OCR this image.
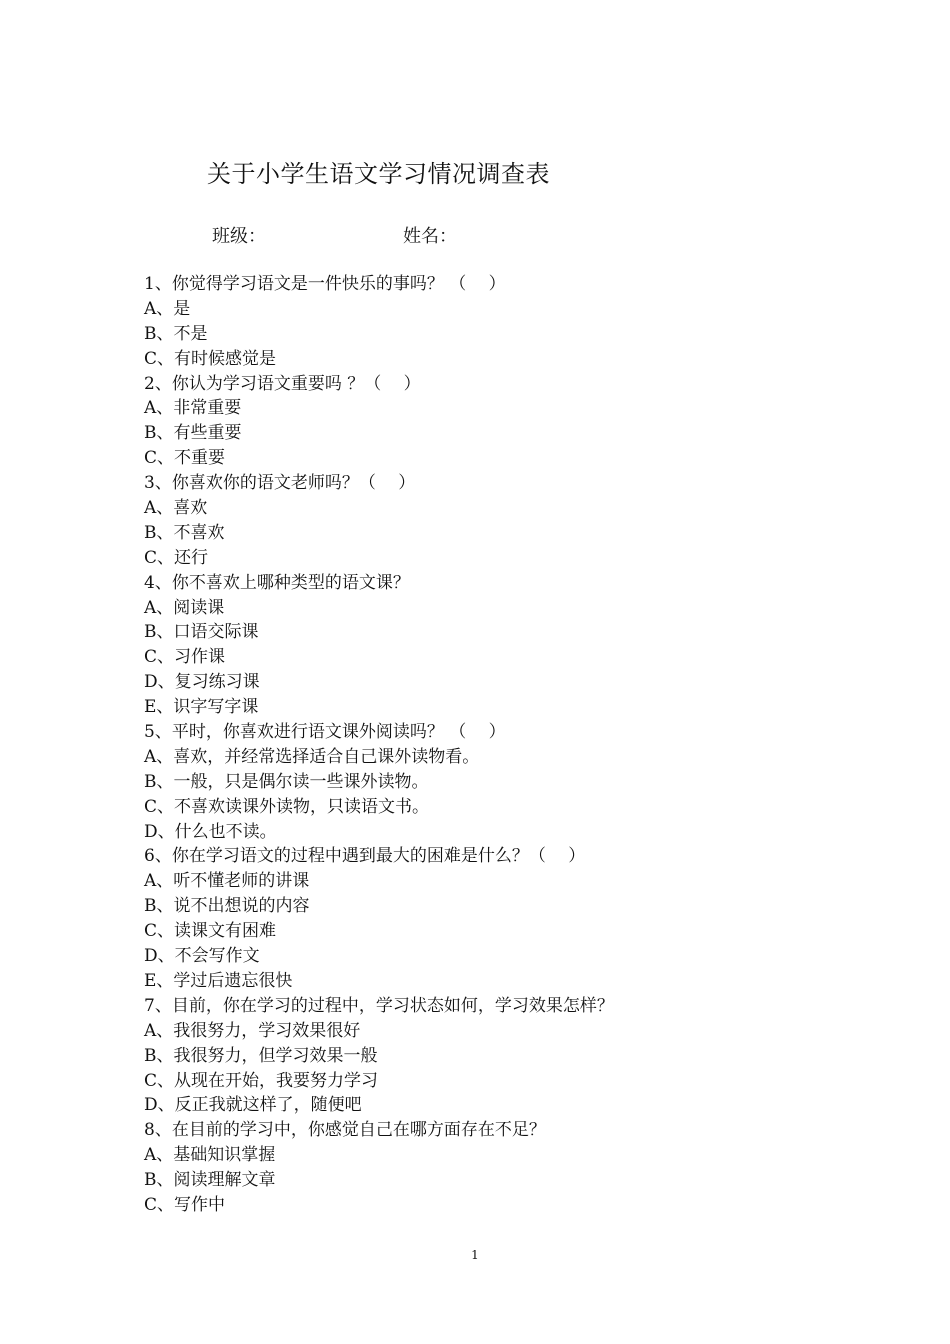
关于小学生语文学习情况调查表
班级：	姓名：
1、你觉得学习语文是一件快乐的事吗？ （　 ）
A、是
B、不是
C、有时候感觉是
2、你认为学习语文重要吗 ？（　 ）
A、非常重要
B、有些重要
C、不重要
3、你喜欢你的语文老师吗？（　 ）
A、喜欢
B、不喜欢
C、还行
4、你不喜欢上哪种类型的语文课？
A、阅读课
B、口语交际课
C、习作课
D、复习练习课
E、识字写字课
5、平时，你喜欢进行语文课外阅读吗？ （　 ）
A、喜欢，并经常选择适合自己课外读物看。
B、一般，只是偶尔读一些课外读物。
C、不喜欢读课外读物，只读语文书。
D、什么也不读。
6、你在学习语文的过程中遇到最大的困难是什么？（　 ）
A、听不懂老师的讲课
B、说不出想说的内容
C、读课文有困难
D、不会写作文
E、学过后遗忘很快
7、目前，你在学习的过程中，学习状态如何，学习效果怎样？
A、我很努力，学习效果很好
B、我很努力，但学习效果一般
C、从现在开始，我要努力学习
D、反正我就这样了，随便吧
8、在目前的学习中，你感觉自己在哪方面存在不足？
A、基础知识掌握
B、阅读理解文章
C、写作中
1
